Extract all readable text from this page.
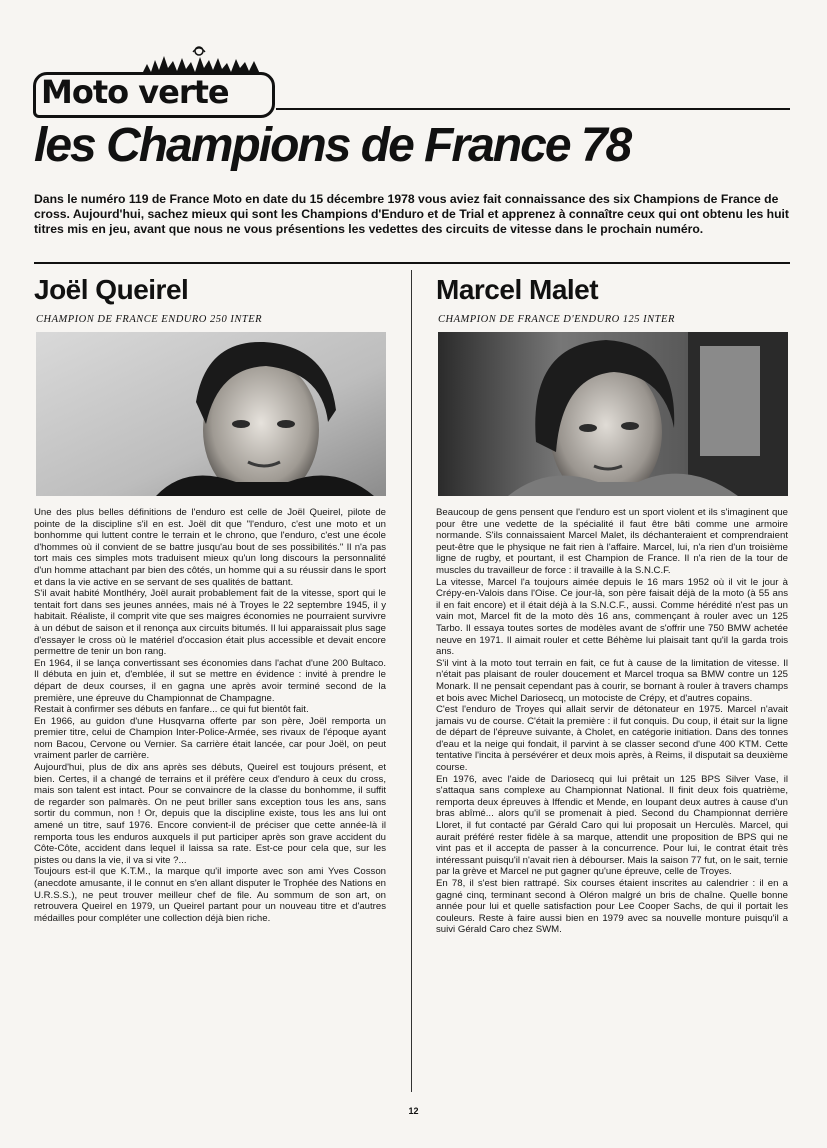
Moto verte
les Champions de France 78

Dans le numéro 119 de France Moto en date du 15 décembre 1978 vous aviez fait connaissance des six Champions de France de cross. Aujourd'hui, sachez mieux qui sont les Champions d'Enduro et de Trial et apprenez à connaître ceux qui ont obtenu les huit titres mis en jeu, avant que nous ne vous présentions les vedettes des circuits de vitesse dans le prochain numéro.

Joël Queirel
CHAMPION DE FRANCE ENDURO 250 INTER

Une des plus belles définitions de l'enduro est celle de Joël Queirel, pilote de pointe de la discipline s'il en est. Joël dit que "l'enduro, c'est une moto et un bonhomme qui luttent contre le terrain et le chrono, que l'enduro, c'est une école d'hommes où il convient de se battre jusqu'au bout de ses possibilités." Il n'a pas tort mais ces simples mots traduisent mieux qu'un long discours la personnalité d'un homme attachant par bien des côtés, un homme qui a su réussir dans le sport et dans la vie active en se servant de ses qualités de battant.

S'il avait habité Montlhéry, Joël aurait probablement fait de la vitesse, sport qui le tentait fort dans ses jeunes années, mais né à Troyes le 22 septembre 1945, il y habitait. Réaliste, il comprit vite que ses maigres économies ne pourraient survivre à un début de saison et il renonça aux circuits bitumés. Il lui apparaissait plus sage d'essayer le cross où le matériel d'occasion était plus accessible et devait encore permettre de tenir un bon rang.

En 1964, il se lança convertissant ses économies dans l'achat d'une 200 Bultaco. Il débuta en juin et, d'emblée, il sut se mettre en évidence : invité à prendre le départ de deux courses, il en gagna une après avoir terminé second de la première, une épreuve du Championnat de Champagne.

Restait à confirmer ses débuts en fanfare... ce qui fut bientôt fait.

En 1966, au guidon d'une Husqvarna offerte par son père, Joël remporta un premier titre, celui de Champion Inter-Police-Armée, ses rivaux de l'époque ayant nom Bacou, Cervone ou Vernier. Sa carrière était lancée, car pour Joël, on peut vraiment parler de carrière.

Aujourd'hui, plus de dix ans après ses débuts, Queirel est toujours présent, et bien. Certes, il a changé de terrains et il préfère ceux d'enduro à ceux du cross, mais son talent est intact. Pour se convaincre de la classe du bonhomme, il suffit de regarder son palmarès. On ne peut briller sans exception tous les ans, sans sortir du commun, non ! Or, depuis que la discipline existe, tous les ans lui ont amené un titre, sauf 1976. Encore convient-il de préciser que cette année-là il remporta tous les enduros auxquels il put participer après son grave accident du Côte-Côte, accident dans lequel il laissa sa rate. Est-ce pour cela que, sur les pistes ou dans la vie, il va si vite ?...

Toujours est-il que K.T.M., la marque qu'il importe avec son ami Yves Cosson (anecdote amusante, il le connut en s'en allant disputer le Trophée des Nations en U.R.S.S.), ne peut trouver meilleur chef de file. Au sommum de son art, on retrouvera Queirel en 1979, un Queirel partant pour un nouveau titre et d'autres médailles pour compléter une collection déjà bien riche.

Marcel Malet
CHAMPION DE FRANCE D'ENDURO 125 INTER

Beaucoup de gens pensent que l'enduro est un sport violent et ils s'imaginent que pour être une vedette de la spécialité il faut être bâti comme une armoire normande. S'ils connaissaient Marcel Malet, ils déchanteraient et comprendraient peut-être que le physique ne fait rien à l'affaire. Marcel, lui, n'a rien d'un troisième ligne de rugby, et pourtant, il est Champion de France. Il n'a rien de la tour de muscles du travailleur de force : il travaille à la S.N.C.F.

La vitesse, Marcel l'a toujours aimée depuis le 16 mars 1952 où il vit le jour à Crépy-en-Valois dans l'Oise. Ce jour-là, son père faisait déjà de la moto (à 55 ans il en fait encore) et il était déjà à la S.N.C.F., aussi. Comme hérédité n'est pas un vain mot, Marcel fit de la moto dès 16 ans, commençant à rouler avec un 125 Tarbo. Il essaya toutes sortes de modèles avant de s'offrir une 750 BMW achetée neuve en 1971. Il aimait rouler et cette Béhème lui plaisait tant qu'il la garda trois ans.

S'il vint à la moto tout terrain en fait, ce fut à cause de la limitation de vitesse. Il n'était pas plaisant de rouler doucement et Marcel troqua sa BMW contre un 125 Monark. Il ne pensait cependant pas à courir, se bornant à rouler à travers champs et bois avec Michel Dariosecq, un motociste de Crépy, et d'autres copains.

C'est l'enduro de Troyes qui allait servir de détonateur en 1975. Marcel n'avait jamais vu de course. C'était la première : il fut conquis. Du coup, il était sur la ligne de départ de l'épreuve suivante, à Cholet, en catégorie initiation. Dans des tonnes d'eau et la neige qui fondait, il parvint à se classer second d'une 400 KTM. Cette tentative l'incita à persévérer et deux mois après, à Reims, il disputait sa deuxième course.

En 1976, avec l'aide de Dariosecq qui lui prêtait un 125 BPS Silver Vase, il s'attaqua sans complexe au Championnat National. Il finit deux fois quatrième, remporta deux épreuves à Iffendic et Mende, en loupant deux autres à cause d'un bras abîmé... alors qu'il se promenait à pied. Second du Championnat derrière Lloret, il fut contacté par Gérald Caro qui lui proposait un Herculès. Marcel, qui aurait préféré rester fidèle à sa marque, attendit une proposition de BPS qui ne vint pas et il accepta de passer à la concurrence. Pour lui, le contrat était très intéressant puisqu'il n'avait rien à débourser. Mais la saison 77 fut, on le sait, ternie par la grève et Marcel ne put gagner qu'une épreuve, celle de Troyes.

En 78, il s'est bien rattrapé. Six courses étaient inscrites au calendrier : il en a gagné cinq, terminant second à Oléron malgré un bris de chaîne. Quelle bonne année pour lui et quelle satisfaction pour Lee Cooper Sachs, de qui il portait les couleurs. Reste à faire aussi bien en 1979 avec sa nouvelle monture puisqu'il a suivi Gérald Caro chez SWM.

12
